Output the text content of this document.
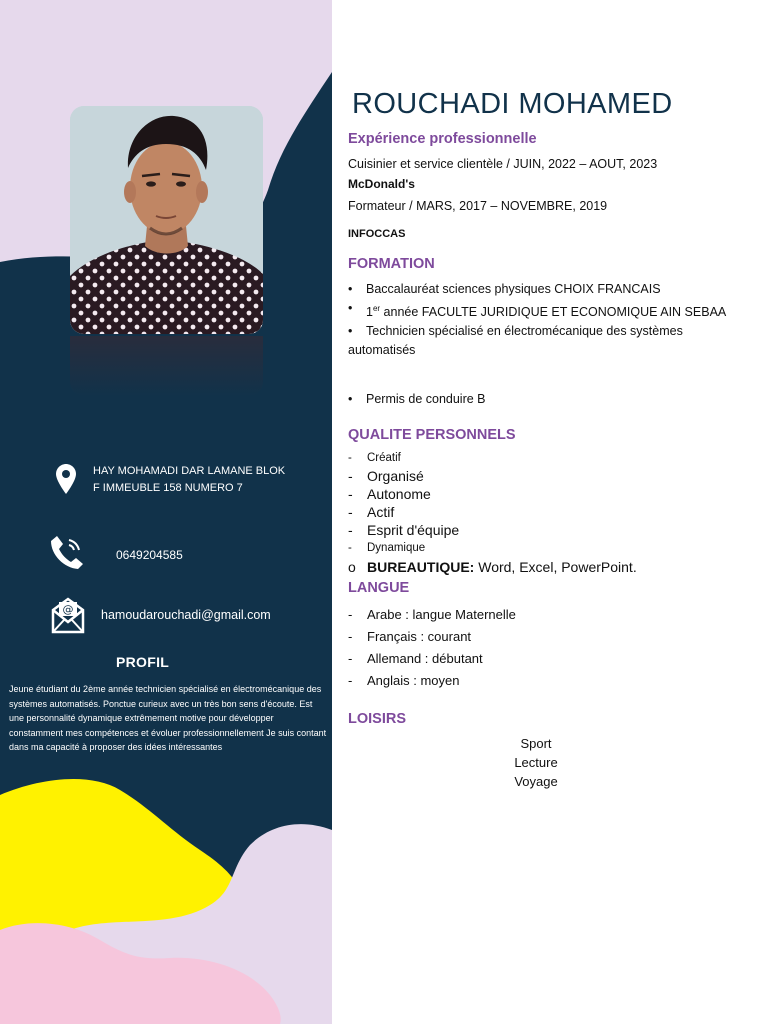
HAY MOHAMADI DAR LAMANE BLOK
F IMMEUBLE 158 NUMERO 7
0649204585
@ hamoudarouchadi@gmail.com
PROFIL
Jeune étudiant du 2ème année technicien spécialisé en électromécanique des systèmes automatisés. Ponctue curieux avec un très bon sens d'écoute. Est une personnalité dynamique extrêmement motive pour développer constamment mes compétences et évoluer professionnellement Je suis contant dans ma capacité à proposer des idées intéressantes
ROUCHADI MOHAMED
Expérience professionnelle
Cuisinier et service clientèle / JUIN, 2022 – AOUT, 2023
McDonald's
Formateur / MARS, 2017 – NOVEMBRE, 2019
INFOCCAS
FORMATION
• Baccalauréat sciences physiques CHOIX FRANCAIS
• 1er année FACULTE JURIDIQUE ET ECONOMIQUE AIN SEBAA
• Technicien spécialisé en électromécanique des systèmes automatisés
• Permis de conduire B
QUALITE PERSONNELS
- Créatif
- Organisé
- Autonome
- Actif
- Esprit d'équipe
- Dynamique
o BUREAUTIQUE: Word, Excel, PowerPoint.
LANGUE
- Arabe : langue Maternelle
- Français : courant
- Allemand : débutant
- Anglais : moyen
LOISIRS
Sport
Lecture
Voyage
